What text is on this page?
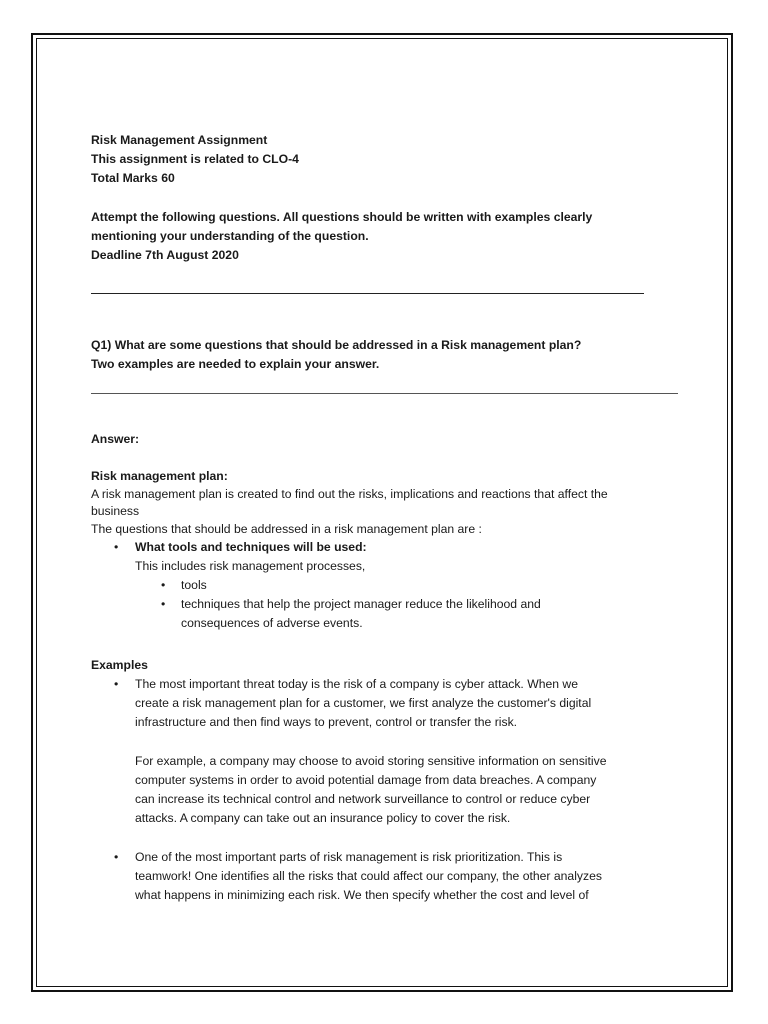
Risk Management Assignment
This assignment is related to CLO-4
Total Marks 60
Attempt the following questions. All questions should be written with examples clearly
mentioning your understanding of the question.
Deadline 7th August 2020
Q1) What are some questions that should be addressed in a Risk management plan?
Two examples are needed to explain your answer.
Answer:
Risk management plan:
A risk management plan is created to find out the risks, implications and reactions that affect the
business
The questions that should be addressed in a risk management plan are :
• What tools and techniques will be used:
This includes risk management processes,
• tools
• techniques that help the project manager reduce the likelihood and
consequences of adverse events.
Examples
• The most important threat today is the risk of a company is cyber attack. When we
create a risk management plan for a customer, we first analyze the customer's digital
infrastructure and then find ways to prevent, control or transfer the risk.
For example, a company may choose to avoid storing sensitive information on sensitive
computer systems in order to avoid potential damage from data breaches. A company
can increase its technical control and network surveillance to control or reduce cyber
attacks. A company can take out an insurance policy to cover the risk.
• One of the most important parts of risk management is risk prioritization. This is
teamwork! One identifies all the risks that could affect our company, the other analyzes
what happens in minimizing each risk. We then specify whether the cost and level of
